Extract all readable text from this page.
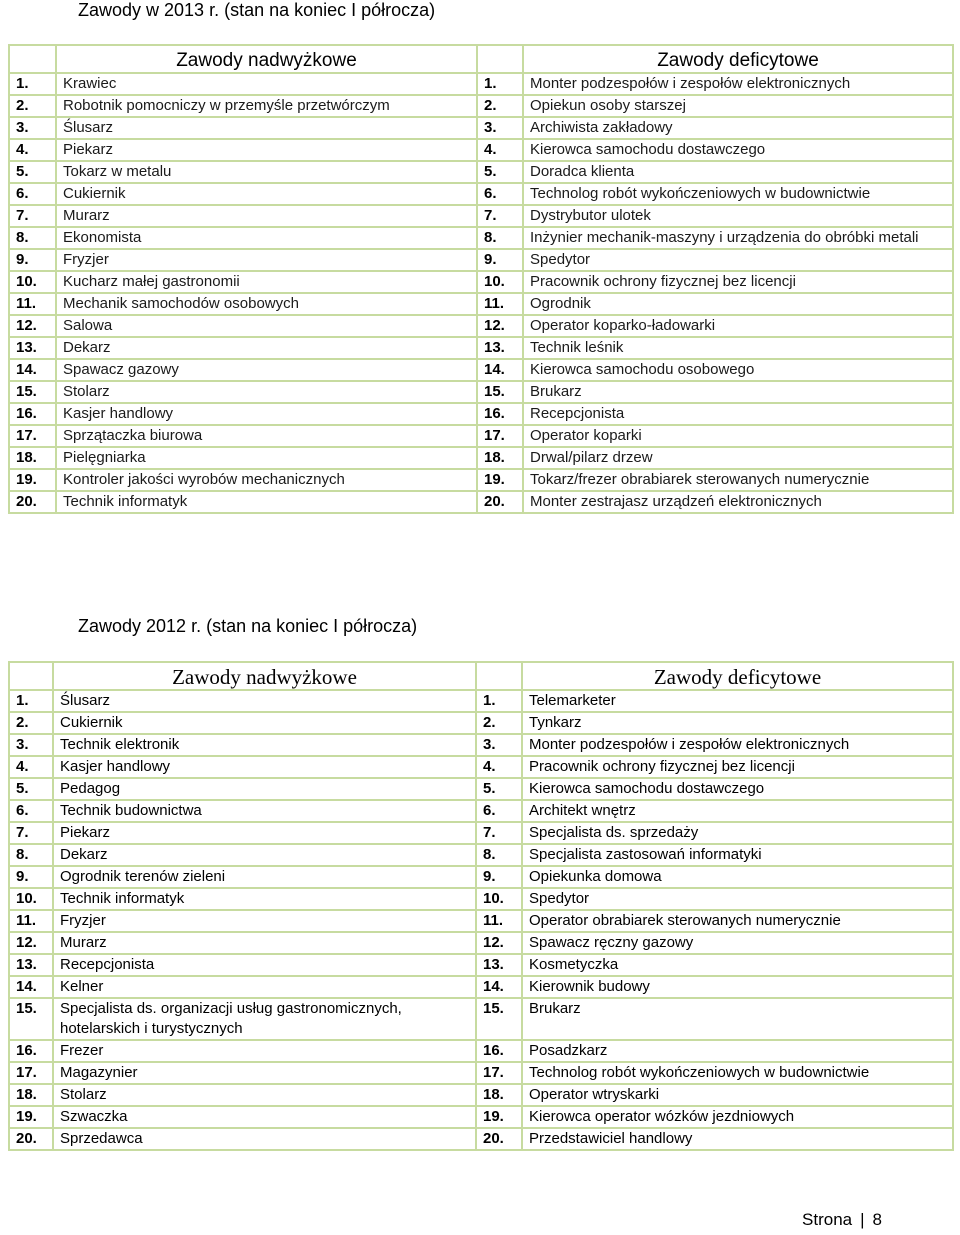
Zawody w 2013 r. (stan na koniec I półrocza)
	Zawody nadwyżkowe		Zawody deficytowe
1.	Krawiec	1.	Monter podzespołów i zespołów elektronicznych
2.	Robotnik pomocniczy w przemyśle przetwórczym	2.	Opiekun osoby starszej
3.	Ślusarz	3.	Archiwista zakładowy
4.	Piekarz	4.	Kierowca samochodu dostawczego
5.	Tokarz w metalu	5.	Doradca klienta
6.	Cukiernik	6.	Technolog robót wykończeniowych w budownictwie
7.	Murarz	7.	Dystrybutor ulotek
8.	Ekonomista	8.	Inżynier mechanik-maszyny i urządzenia do obróbki metali
9.	Fryzjer	9.	Spedytor
10.	Kucharz małej gastronomii	10.	Pracownik ochrony fizycznej bez licencji
11.	Mechanik samochodów osobowych	11.	Ogrodnik
12.	Salowa	12.	Operator koparko-ładowarki
13.	Dekarz	13.	Technik leśnik
14.	Spawacz gazowy	14.	Kierowca samochodu osobowego
15.	Stolarz	15.	Brukarz
16.	Kasjer handlowy	16.	Recepcjonista
17.	Sprzątaczka biurowa	17.	Operator koparki
18.	Pielęgniarka	18.	Drwal/pilarz drzew
19.	Kontroler jakości wyrobów mechanicznych	19.	Tokarz/frezer obrabiarek sterowanych numerycznie
20.	Technik informatyk	20.	Monter zestrajasz urządzeń elektronicznych
Zawody 2012 r. (stan na koniec I półrocza)
	Zawody nadwyżkowe		Zawody deficytowe
1.	Ślusarz	1.	Telemarketer
2.	Cukiernik	2.	Tynkarz
3.	Technik elektronik	3.	Monter podzespołów i zespołów elektronicznych
4.	Kasjer handlowy	4.	Pracownik ochrony fizycznej bez licencji
5.	Pedagog	5.	Kierowca samochodu dostawczego
6.	Technik budownictwa	6.	Architekt wnętrz
7.	Piekarz	7.	Specjalista ds. sprzedaży
8.	Dekarz	8.	Specjalista zastosowań informatyki
9.	Ogrodnik terenów zieleni	9.	Opiekunka domowa
10.	Technik informatyk	10.	Spedytor
11.	Fryzjer	11.	Operator obrabiarek sterowanych numerycznie
12.	Murarz	12.	Spawacz ręczny gazowy
13.	Recepcjonista	13.	Kosmetyczka
14.	Kelner	14.	Kierownik budowy
15.	Specjalista ds. organizacji usług gastronomicznych, hotelarskich i turystycznych	15.	Brukarz
16.	Frezer	16.	Posadzkarz
17.	Magazynier	17.	Technolog robót wykończeniowych w budownictwie
18.	Stolarz	18.	Operator wtryskarki
19.	Szwaczka	19.	Kierowca operator wózków jezdniowych
20.	Sprzedawca	20.	Przedstawiciel handlowy
Strona | 8
